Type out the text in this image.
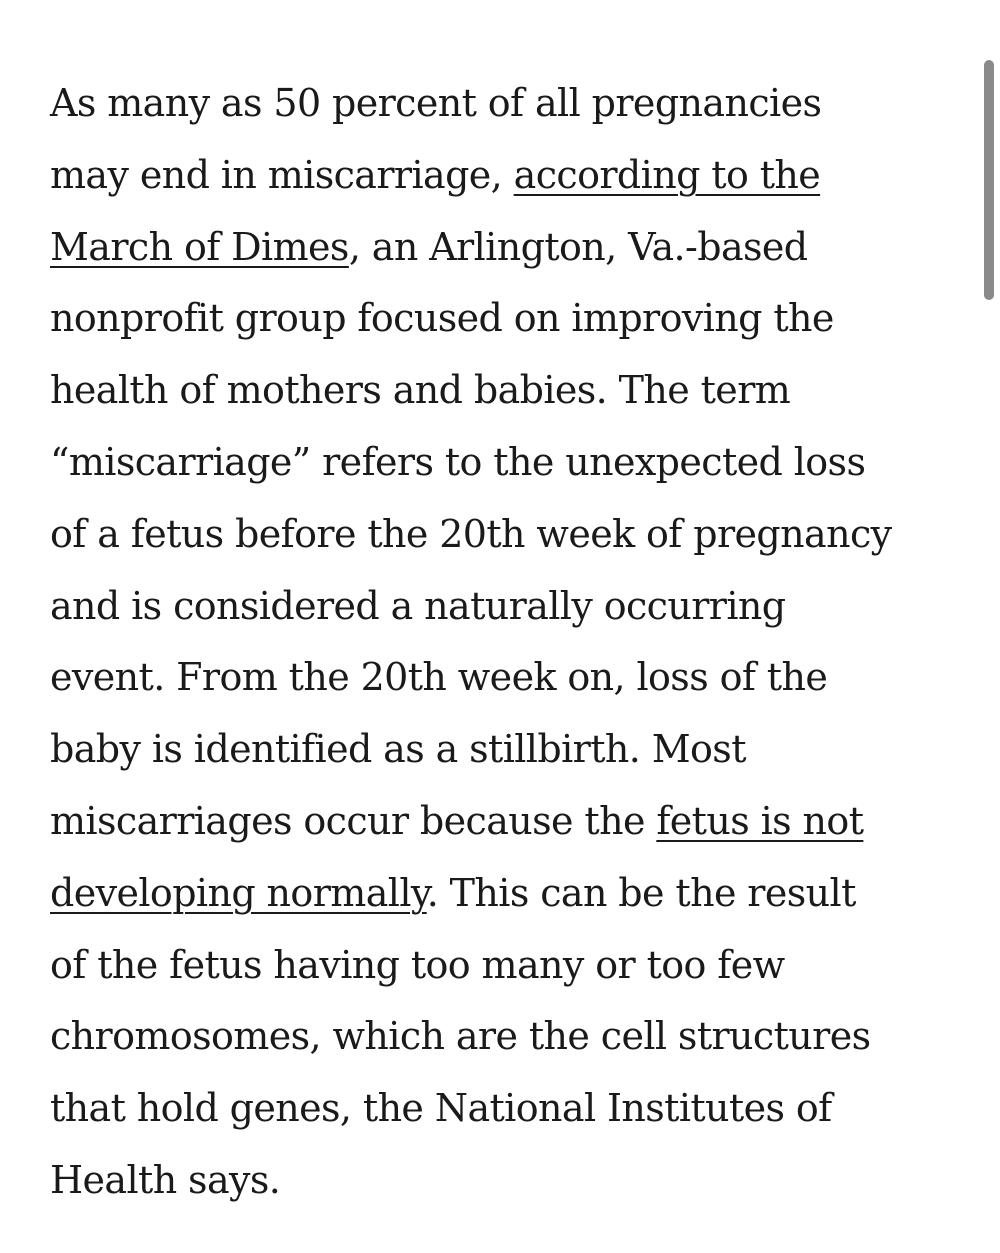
As many as 50 percent of all pregnancies
may end in miscarriage, according to the
March of Dimes, an Arlington, Va.-based
nonprofit group focused on improving the
health of mothers and babies. The term
“miscarriage” refers to the unexpected loss
of a fetus before the 20th week of pregnancy
and is considered a naturally occurring
event. From the 20th week on, loss of the
baby is identified as a stillbirth. Most
miscarriages occur because the fetus is not
developing normally. This can be the result
of the fetus having too many or too few
chromosomes, which are the cell structures
that hold genes, the National Institutes of
Health says.
